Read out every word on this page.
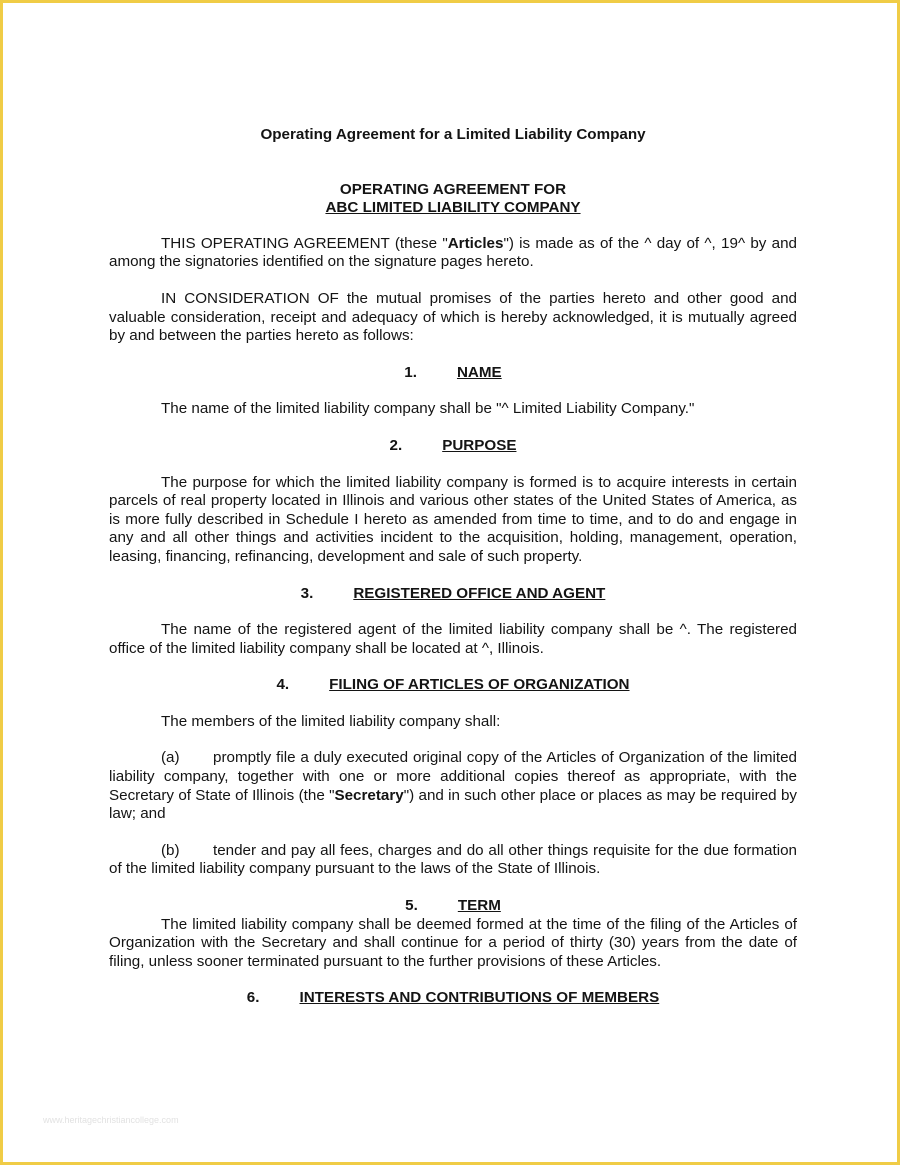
Operating Agreement for a Limited Liability Company
OPERATING AGREEMENT FOR
ABC LIMITED LIABILITY COMPANY

THIS OPERATING AGREEMENT (these "Articles") is made as of the ^ day of ^, 19^ by and among the signatories identified on the signature pages hereto.

IN CONSIDERATION OF the mutual promises of the parties hereto and other good and valuable consideration, receipt and adequacy of which is hereby acknowledged, it is mutually agreed by and between the parties hereto as follows:

1.	NAME

The name of the limited liability company shall be "^ Limited Liability Company."

2.	PURPOSE

The purpose for which the limited liability company is formed is to acquire interests in certain parcels of real property located in Illinois and various other states of the United States of America, as is more fully described in Schedule I hereto as amended from time to time, and to do and engage in any and all other things and activities incident to the acquisition, holding, management, operation, leasing, financing, refinancing, development and sale of such property.

3.	REGISTERED OFFICE AND AGENT

The name of the registered agent of the limited liability company shall be ^. The registered office of the limited liability company shall be located at ^, Illinois.

4.	FILING OF ARTICLES OF ORGANIZATION

The members of the limited liability company shall:

(a) promptly file a duly executed original copy of the Articles of Organization of the limited liability company, together with one or more additional copies thereof as appropriate, with the Secretary of State of Illinois (the "Secretary") and in such other place or places as may be required by law; and

(b) tender and pay all fees, charges and do all other things requisite for the due formation of the limited liability company pursuant to the laws of the State of Illinois.

5.	TERM

The limited liability company shall be deemed formed at the time of the filing of the Articles of Organization with the Secretary and shall continue for a period of thirty (30) years from the date of filing, unless sooner terminated pursuant to the further provisions of these Articles.

6.	INTERESTS AND CONTRIBUTIONS OF MEMBERS
www.heritagechristiancollege.com
